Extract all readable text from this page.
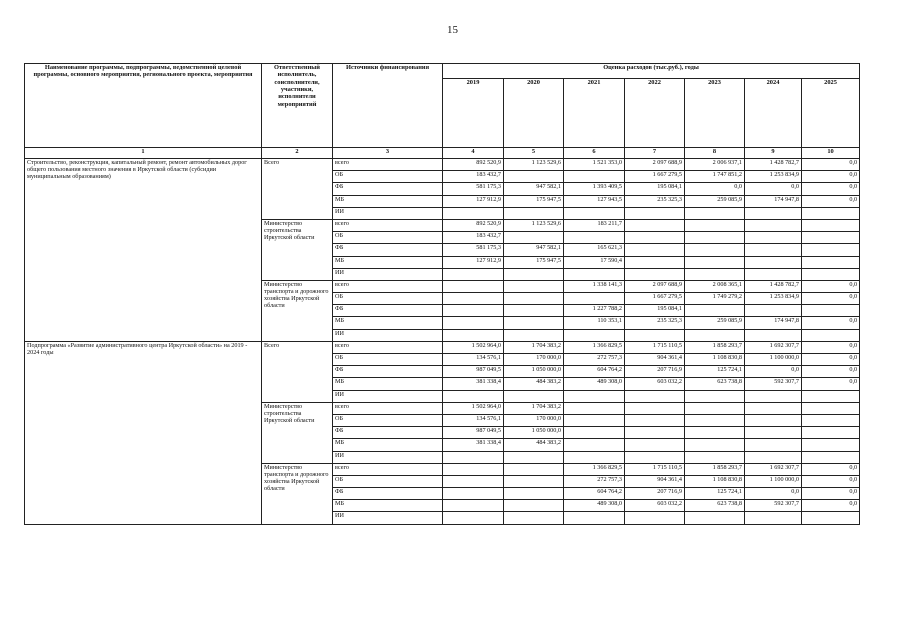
15
Наименование программы, подпрограммы, ведомственной целевой программы, основного мероприятия, регионального проекта, мероприятия	Ответственный исполнитель, соисполнители, участники, исполнители мероприятий	Источники финансирования	Оценка расходов (тыс.руб.), годы						
			2019	2020	2021	2022	2023	2024	2025
1	2	3	4	5	6	7	8	9	10
Строительство, реконструкция, капитальный ремонт, ремонт автомобильных дорог общего пользования местного значения в Иркутской области (субсидии муниципальным образованиям)	Всего	всего	892 520,9	1 123 529,6	1 521 353,0	2 097 688,9	2 006 937,1	1 428 782,7	0,0
		ОБ	183 432,7			1 667 279,5	1 747 851,2	1 253 834,9	0,0
		ФБ	581 175,3	947 582,1	1 393 409,5	195 084,1	0,0	0,0	0,0
		МБ	127 912,9	175 947,5	127 943,5	235 325,3	259 085,9	174 947,8	0,0
		ИИ							
	Министерство строительства Иркутской области	всего	892 520,9	1 123 529,6	183 211,7				
		ОБ	183 432,7						
		ФБ	581 175,3	947 582,1	165 621,3				
		МБ	127 912,9	175 947,5	17 590,4				
		ИИ							
	Министерство транспорта и дорожного хозяйства Иркутской области	всего			1 338 141,3	2 097 688,9	2 008 365,1	1 428 782,7	0,0
		ОБ				1 667 279,5	1 749 279,2	1 253 834,9	0,0
		ФБ			1 227 788,2	195 084,1			
		МБ			110 353,1	235 325,3	259 085,9	174 947,8	0,0
		ИИ							
Подпрограмма «Развитие административного центра Иркутской области» на 2019 - 2024 годы	Всего	всего	1 502 964,0	1 704 383,2	1 366 829,5	1 715 110,5	1 858 293,7	1 692 307,7	0,0
		ОБ	134 576,1	170 000,0	272 757,3	904 361,4	1 108 830,8	1 100 000,0	0,0
		ФБ	987 049,5	1 050 000,0	604 764,2	207 716,9	125 724,1	0,0	0,0
		МБ	381 338,4	484 383,2	489 308,0	603 032,2	623 738,8	592 307,7	0,0
		ИИ							
	Министерство строительства Иркутской области	всего	1 502 964,0	1 704 383,2					
		ОБ	134 576,1	170 000,0					
		ФБ	987 049,5	1 050 000,0					
		МБ	381 338,4	484 383,2					
		ИИ							
	Министерство транспорта и дорожного хозяйства Иркутской области	всего			1 366 829,5	1 715 110,5	1 858 293,7	1 692 307,7	0,0
		ОБ			272 757,3	904 361,4	1 108 830,8	1 100 000,0	0,0
		ФБ			604 764,2	207 716,9	125 724,1	0,0	0,0
		МБ			489 308,0	603 032,2	623 738,8	592 307,7	0,0
		ИИ							
